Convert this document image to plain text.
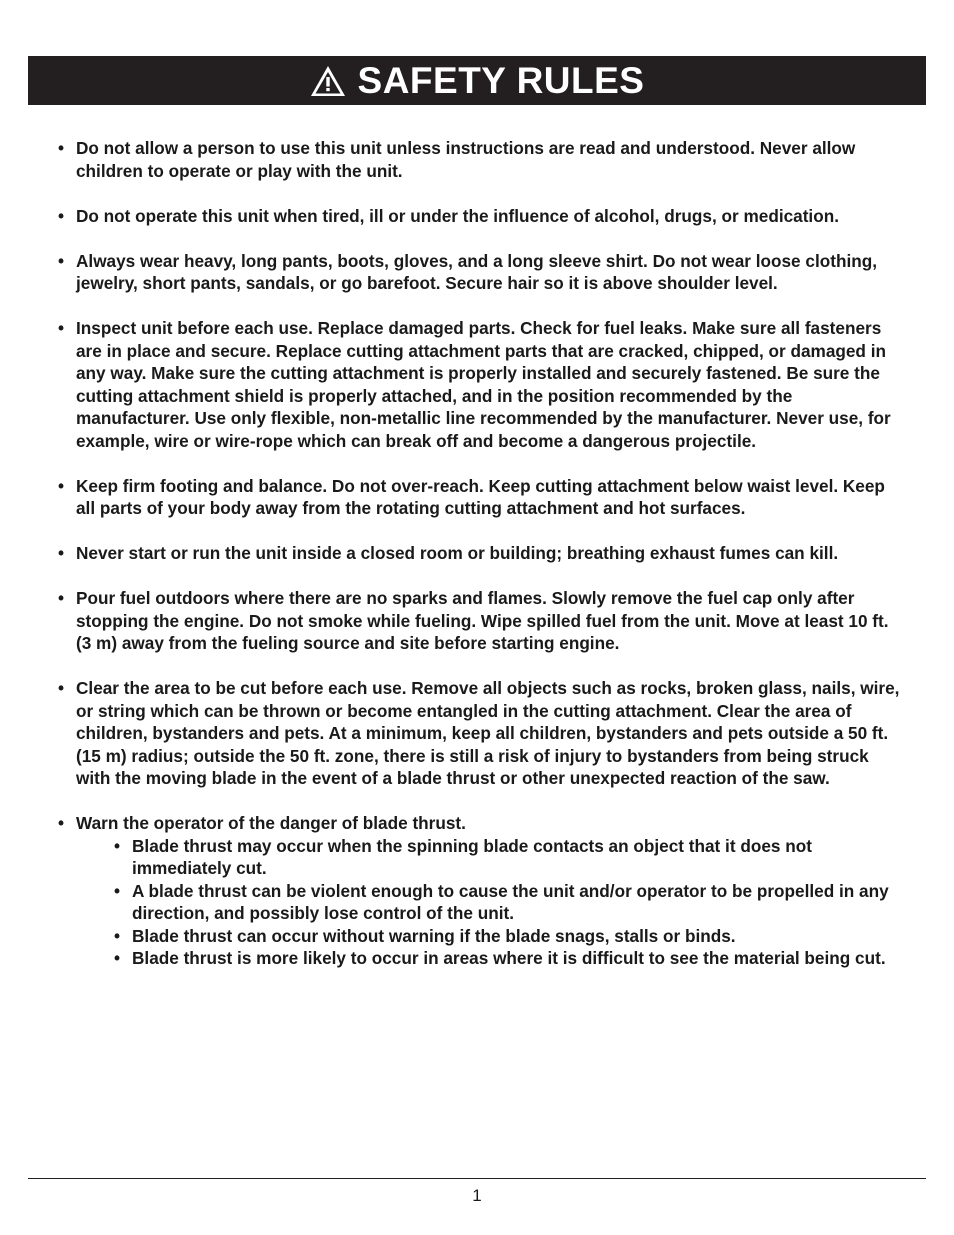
SAFETY RULES
• Do not allow a person to use this unit unless instructions are read and understood. Never allow children to operate or play with the unit.
• Do not operate this unit when tired, ill or under the influence of alcohol, drugs, or medication.
• Always wear heavy, long pants, boots, gloves, and a long sleeve shirt. Do not wear loose clothing, jewelry, short pants, sandals, or go barefoot. Secure hair so it is above shoulder level.
• Inspect unit before each use. Replace damaged parts. Check for fuel leaks. Make sure all fasteners are in place and secure. Replace cutting attachment parts that are cracked, chipped, or damaged in any way. Make sure the cutting attachment is properly installed and securely fastened. Be sure the cutting attachment shield is properly attached, and in the position recommended by the manufacturer. Use only flexible, non-metallic line recommended by the manufacturer. Never use, for example, wire or wire-rope which can break off and become a dangerous projectile.
• Keep firm footing and balance. Do not over-reach. Keep cutting attachment below waist level. Keep all parts of your body away from the rotating cutting attachment and hot surfaces.
• Never start or run the unit inside a closed room or building; breathing exhaust fumes can kill.
• Pour fuel outdoors where there are no sparks and flames. Slowly remove the fuel cap only after stopping the engine. Do not smoke while fueling. Wipe spilled fuel from the unit. Move at least 10 ft. (3 m) away from the fueling source and site before starting engine.
• Clear the area to be cut before each use. Remove all objects such as rocks, broken glass, nails, wire, or string which can be thrown or become entangled in the cutting attachment. Clear the area of children, bystanders and pets. At a minimum, keep all children, bystanders and pets outside a 50 ft. (15 m) radius; outside the 50 ft. zone, there is still a risk of injury to bystanders from being struck with the moving blade in the event of a blade thrust or other unexpected reaction of the saw.
• Warn the operator of the danger of blade thrust.
• Blade thrust may occur when the spinning blade contacts an object that it does not immediately cut.
• A blade thrust can be violent enough to cause the unit and/or operator to be propelled in any direction, and possibly lose control of the unit.
• Blade thrust can occur without warning if the blade snags, stalls or binds.
• Blade thrust is more likely to occur in areas where it is difficult to see the material being cut.
1
